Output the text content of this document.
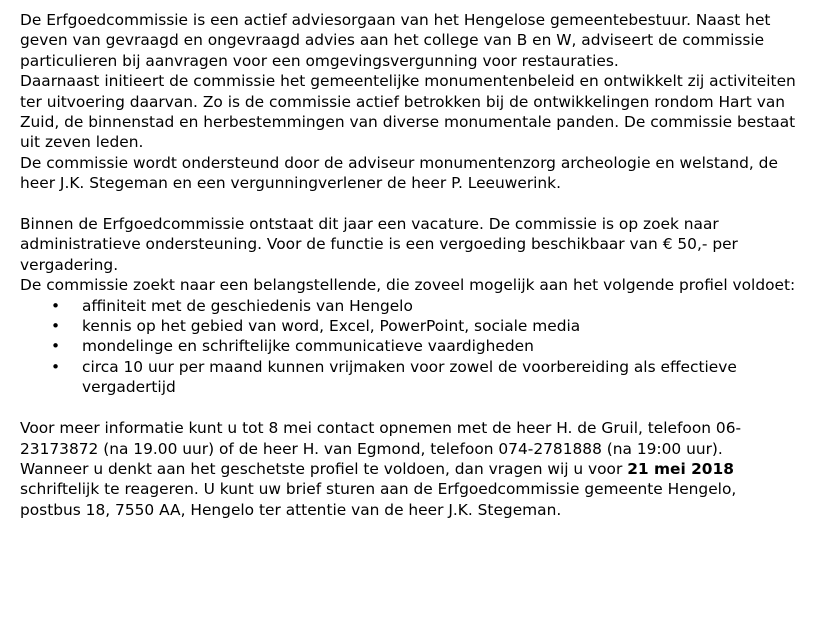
De Erfgoedcommissie is een actief adviesorgaan van het Hengelose gemeentebestuur. Naast het geven van gevraagd en ongevraagd advies aan het college van B en W, adviseert de commissie particulieren bij aanvragen voor een omgevingsvergunning voor restauraties.

Daarnaast initieert de commissie het gemeentelijke monumentenbeleid en ontwikkelt zij activiteiten ter uitvoering daarvan. Zo is de commissie actief betrokken bij de ontwikkelingen rondom Hart van Zuid, de binnenstad en herbestemmingen van diverse monumentale panden. De commissie bestaat uit zeven leden.

De commissie wordt ondersteund door de adviseur monumentenzorg archeologie en welstand, de heer J.K. Stegeman en een vergunningverlener de heer P. Leeuwerink.

Binnen de Erfgoedcommissie ontstaat dit jaar een vacature. De commissie is op zoek naar administratieve ondersteuning. Voor de functie is een vergoeding beschikbaar van € 50,- per vergadering.

De commissie zoekt naar een belangstellende, die zoveel mogelijk aan het volgende profiel voldoet:

• affiniteit met de geschiedenis van Hengelo
• kennis op het gebied van word, Excel, PowerPoint, sociale media
• mondelinge en schriftelijke communicatieve vaardigheden
• circa 10 uur per maand kunnen vrijmaken voor zowel de voorbereiding als effectieve vergadertijd

Voor meer informatie kunt u tot 8 mei contact opnemen met de heer H. de Gruil, telefoon 06-23173872 (na 19.00 uur) of de heer H. van Egmond, telefoon 074-2781888 (na 19:00 uur).

Wanneer u denkt aan het geschetste profiel te voldoen, dan vragen wij u voor 21 mei 2018 schriftelijk te reageren. U kunt uw brief sturen aan de Erfgoedcommissie gemeente Hengelo, postbus 18, 7550 AA, Hengelo ter attentie van de heer J.K. Stegeman.
